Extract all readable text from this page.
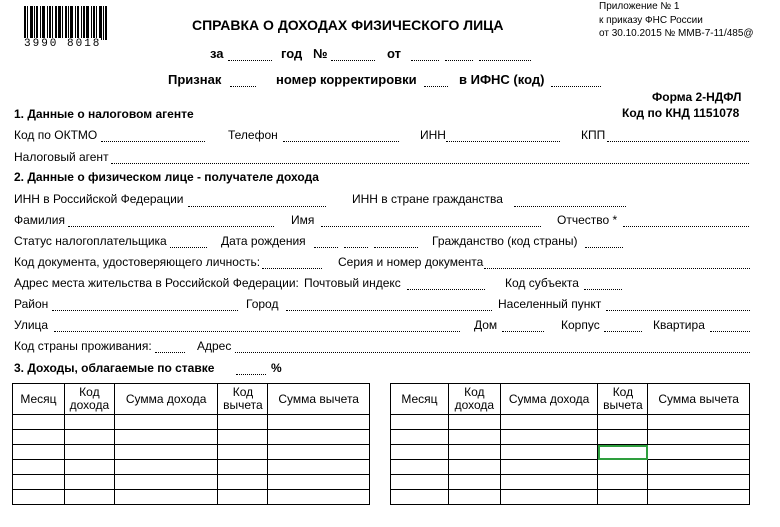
3990 8018
Приложение № 1
к приказу ФНС России
от 30.10.2015 № ММВ-7-11/485@
СПРАВКА О ДОХОДАХ ФИЗИЧЕСКОГО ЛИЦА
за	год №	от
Признак	номер корректировки	в ИФНС (код)
Форма 2-НДФЛ
Код по КНД 1151078
1. Данные о налоговом агенте
Код по ОКТМО	Телефон	ИНН	КПП
Налоговый агент
2. Данные о физическом лице - получателе дохода
ИНН в Российской Федерации	ИНН в стране гражданства
Фамилия	Имя	Отчество *
Статус налогоплательщика	Дата рождения	Гражданство (код страны)
Код документа, удостоверяющего личность:	Серия и номер документа
Адрес места жительства в Российской Федерации: Почтовый индекс	Код субъекта
Район	Город	Населенный пункт
Улица	Дом	Корпус	Квартира
Код страны проживания:	Адрес
3. Доходы, облагаемые по ставке	%
Месяц	Код дохода	Сумма дохода	Код вычета	Сумма вычета

					Месяц	Код дохода	Сумма дохода	Код вычета	Сумма вычета
